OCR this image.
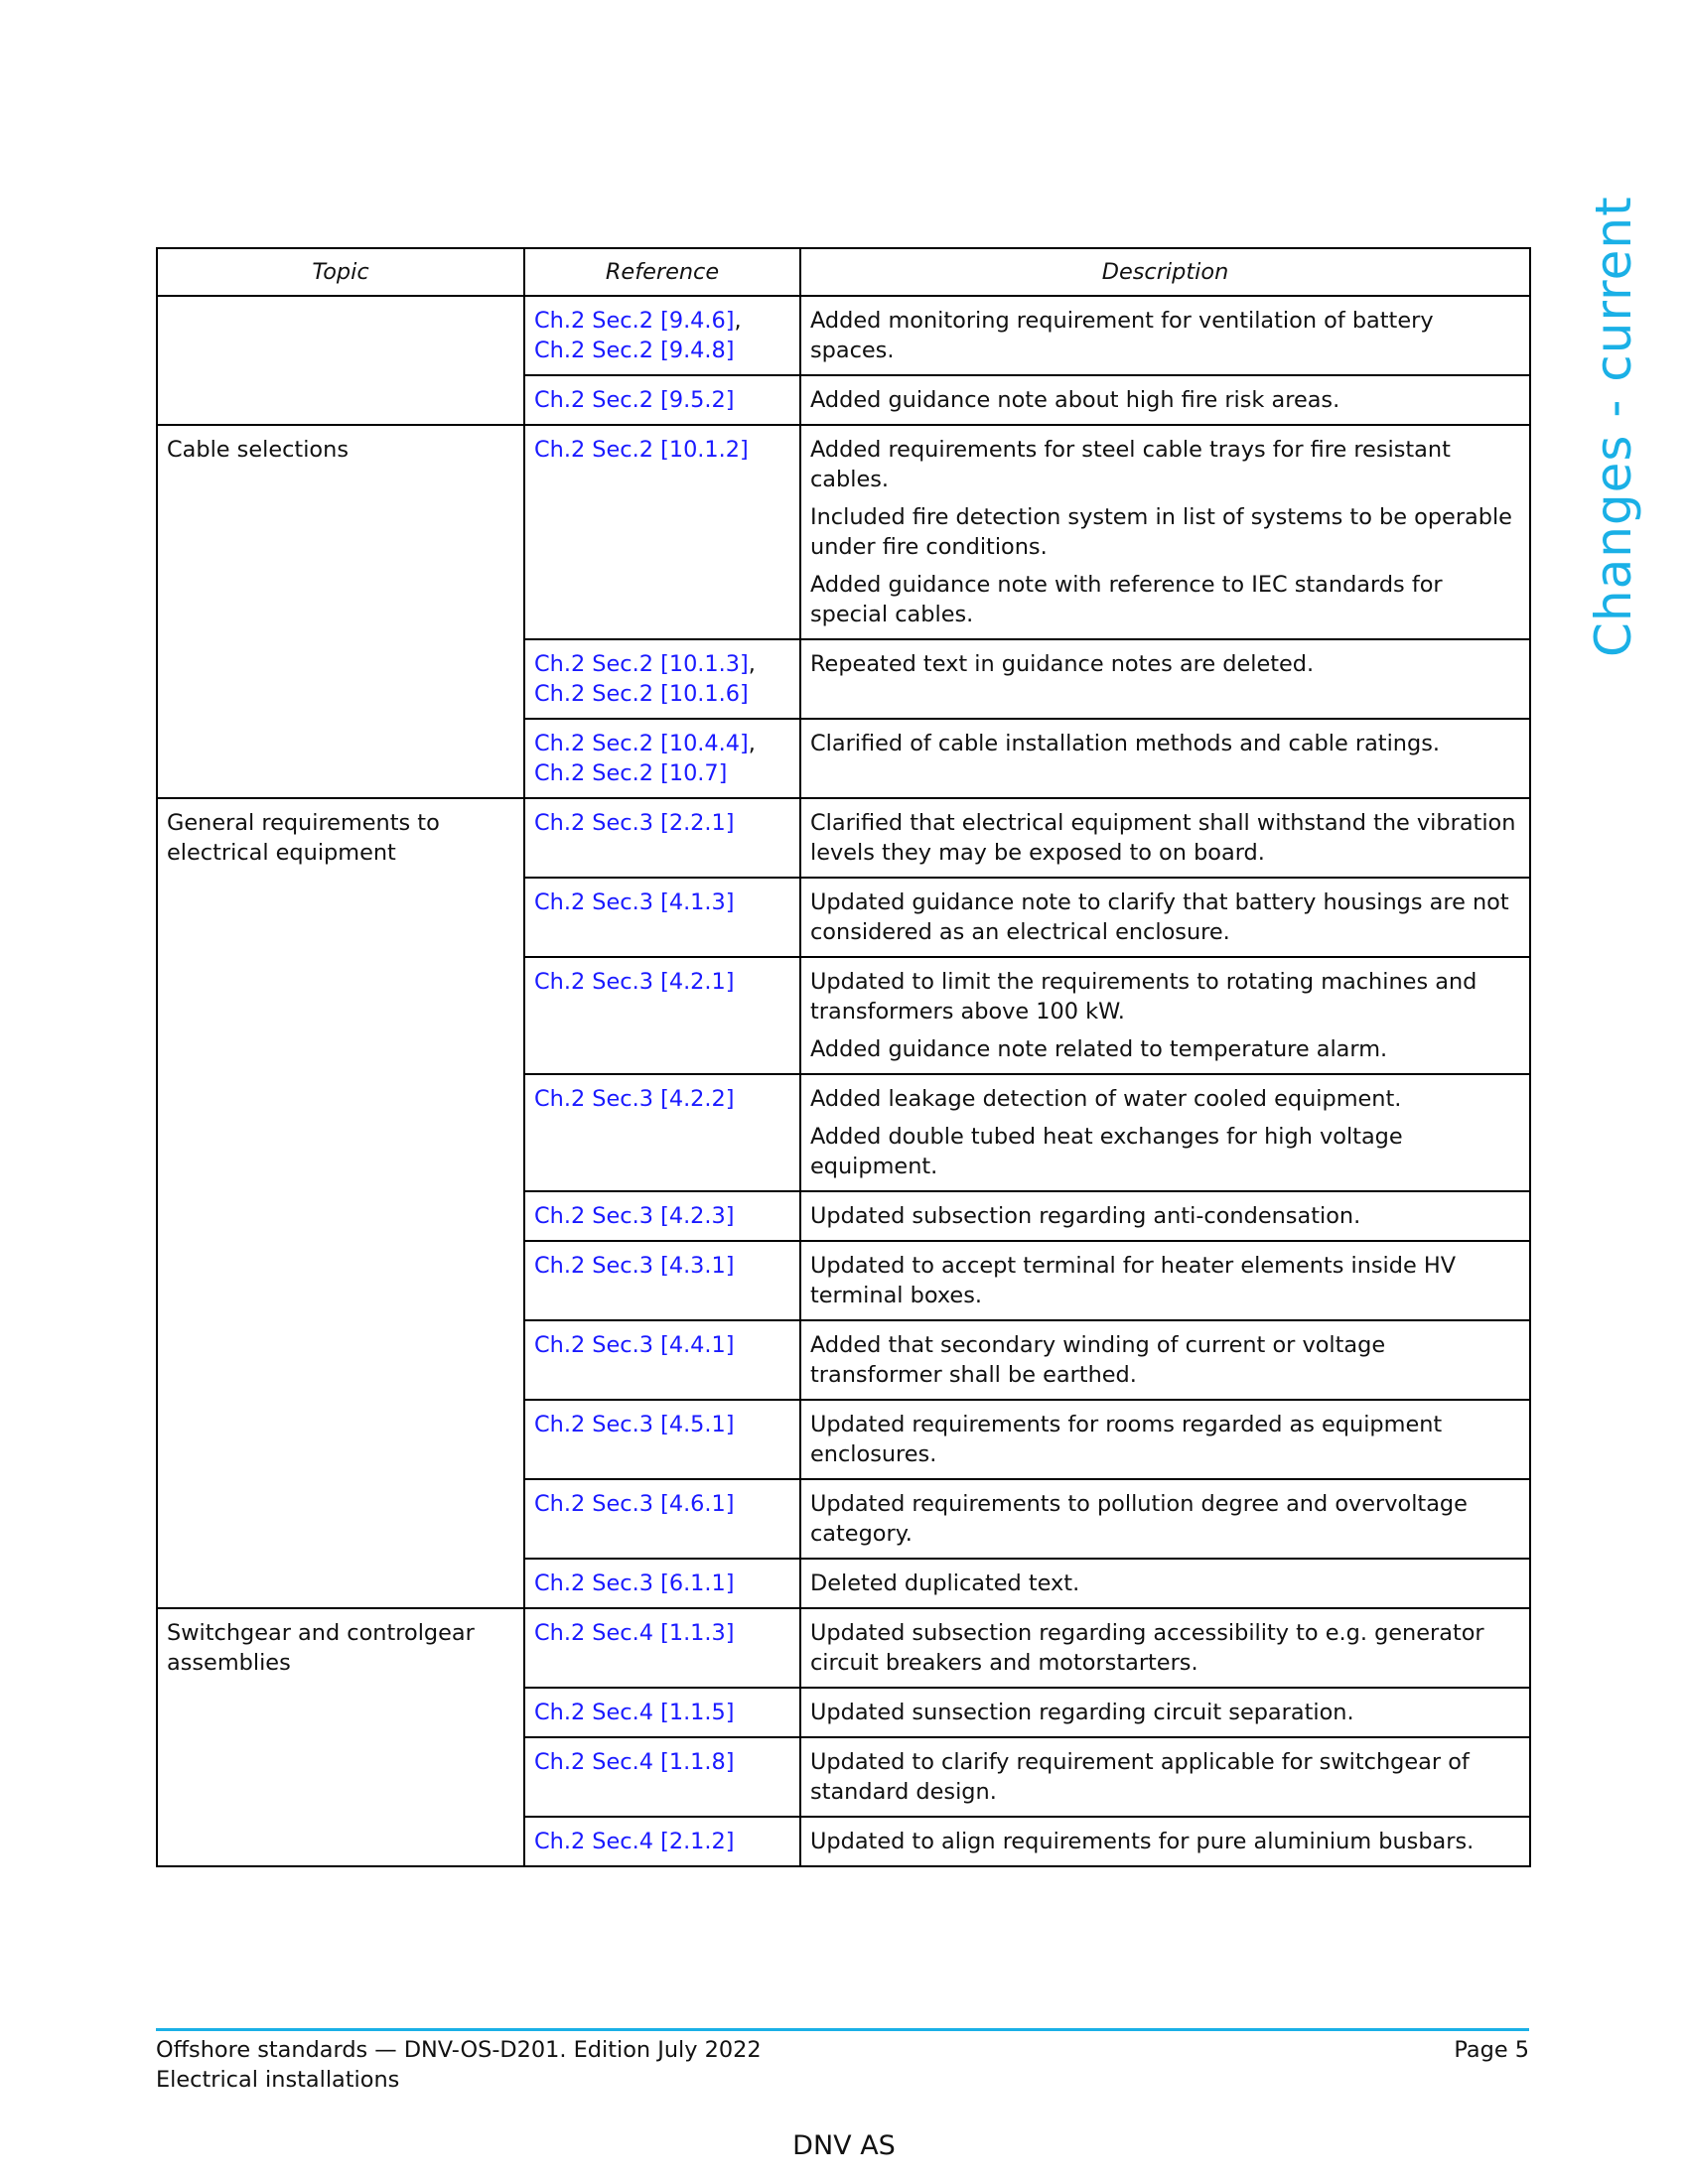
Changes - current
Topic	Reference	Description

	Ch.2 Sec.2 [9.4.6],
Ch.2 Sec.2 [9.4.8]	Added monitoring requirement for ventilation of battery spaces.

	Ch.2 Sec.2 [9.5.2]	Added guidance note about high fire risk areas.

Cable selections	Ch.2 Sec.2 [10.1.2]	Added requirements for steel cable trays for fire resistant cables.

Included fire detection system in list of systems to be operable under fire conditions.

Added guidance note with reference to IEC standards for special cables.

	Ch.2 Sec.2 [10.1.3],
Ch.2 Sec.2 [10.1.6]	Repeated text in guidance notes are deleted.

	Ch.2 Sec.2 [10.4.4],
Ch.2 Sec.2 [10.7]	Clarified of cable installation methods and cable ratings.

General requirements to electrical equipment	Ch.2 Sec.3 [2.2.1]	Clarified that electrical equipment shall withstand the vibration levels they may be exposed to on board.

	Ch.2 Sec.3 [4.1.3]	Updated guidance note to clarify that battery housings are not considered as an electrical enclosure.

	Ch.2 Sec.3 [4.2.1]	Updated to limit the requirements to rotating machines and transformers above 100 kW.

Added guidance note related to temperature alarm.

	Ch.2 Sec.3 [4.2.2]	Added leakage detection of water cooled equipment.

Added double tubed heat exchanges for high voltage equipment.

	Ch.2 Sec.3 [4.2.3]	Updated subsection regarding anti-condensation.

	Ch.2 Sec.3 [4.3.1]	Updated to accept terminal for heater elements inside HV terminal boxes.

	Ch.2 Sec.3 [4.4.1]	Added that secondary winding of current or voltage transformer shall be earthed.

	Ch.2 Sec.3 [4.5.1]	Updated requirements for rooms regarded as equipment enclosures.

	Ch.2 Sec.3 [4.6.1]	Updated requirements to pollution degree and overvoltage category.

	Ch.2 Sec.3 [6.1.1]	Deleted duplicated text.

Switchgear and controlgear assemblies	Ch.2 Sec.4 [1.1.3]	Updated subsection regarding accessibility to e.g. generator circuit breakers and motorstarters.

	Ch.2 Sec.4 [1.1.5]	Updated sunsection regarding circuit separation.

	Ch.2 Sec.4 [1.1.8]	Updated to clarify requirement applicable for switchgear of standard design.

	Ch.2 Sec.4 [2.1.2]	Updated to align requirements for pure aluminium busbars.

Offshore standards — DNV-OS-D201. Edition July 2022
Electrical installations
Page 5
DNV AS
